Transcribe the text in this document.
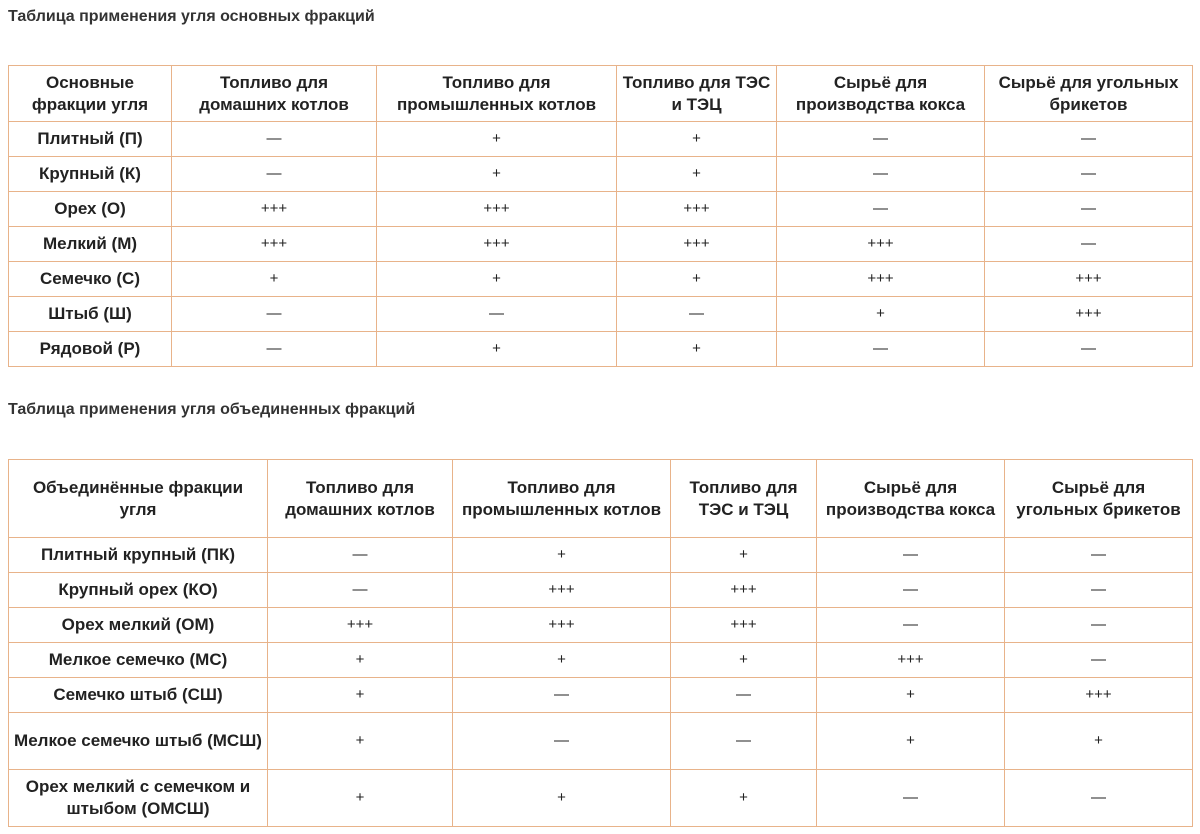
Таблица применения угля основных фракций
Основные фракции угля	Топливо для домашних котлов	Топливо для промышленных котлов	Топливо для ТЭС и ТЭЦ	Сырьё для производства кокса	Сырьё для угольных брикетов
Плитный (П)	—	+	+	—	—
Крупный (К)	—	+	+	—	—
Орех (О)	+++	+++	+++	—	—
Мелкий (М)	+++	+++	+++	+++	—
Семечко (С)	+	+	+	+++	+++
Штыб (Ш)	—	—	—	+	+++
Рядовой (Р)	—	+	+	—	—
Таблица применения угля объединенных фракций
Объединённые фракции угля	Топливо для домашних котлов	Топливо для промышленных котлов	Топливо для ТЭС и ТЭЦ	Сырьё для производства кокса	Сырьё для угольных брикетов
Плитный крупный (ПК)	—	+	+	—	—
Крупный орех (КО)	—	+++	+++	—	—
Орех мелкий (ОМ)	+++	+++	+++	—	—
Мелкое семечко (МС)	+	+	+	+++	—
Семечко штыб (СШ)	+	—	—	+	+++
Мелкое семечко штыб (МСШ)	+	—	—	+	+
Орех мелкий с семечком и штыбом (ОМСШ)	+	+	+	—	—
